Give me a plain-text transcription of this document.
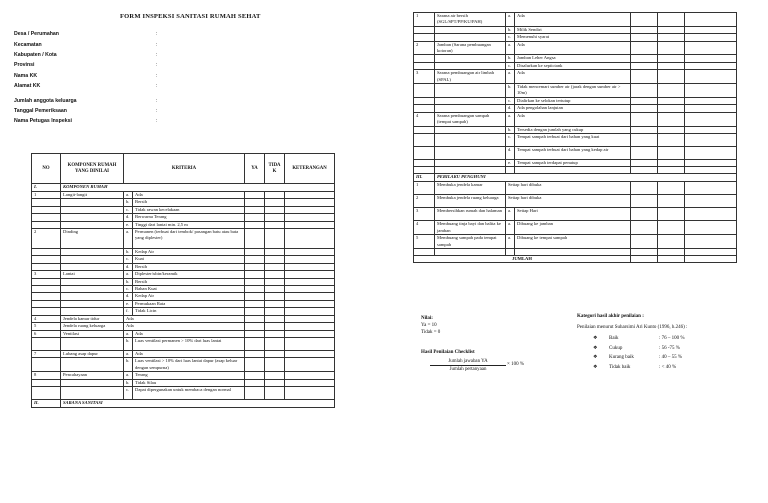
FORM INSPEKSI SANITASI RUMAH SEHAT
Desa / Perumahan	:
Kecamatan	:
Kabupaten / Kota	:
Provinsi	:
Nama KK	:
Alamat KK	:
Jumlah anggota keluarga	:
Tanggal Pemeriksaan	:
Nama Petugas Inspeksi	:
NO	KOMPONEN RUMAH YANG DINILAI	KRITERIA		YA	TIDA K	KETERANGAN
I.	KOMPONEN RUMAH					
1	Langit-langit	a.	Ada			
		b.	Bersih			
		c.	Tidak rawan kecelakaan			
		d.	Berwarna Terang			
		e.	Tinggi dari lantai min. 2,5 m			
2	Dinding	a.	Permanen (terbuat dari tembok/ pasangan batu atau bata yang diplester)			
		b.	Kedap Air			
		c.	Kuat			
		d.	Bersih			
3	Lantai	a.	Diplester/ubin/keramik			
		b.	Bersih			
		c.	Bahan Kuat			
		d.	Kedap Air			
		e.	Permukaan Rata			
		f.	Tidak Licin			
4	Jendela kamar tidur	Ada				
5	Jendela ruang keluarga	Ada				
6	Ventilasi	a.	Ada			
		b.	Luas ventilasi permanen > 10% dari luas lantai			
7	Lubang asap dapur	a.	Ada			
		b.	Luas ventilasi > 10% dari luas lantai dapur (asap keluar dengan sempurna)			
8	Pencahayaan	a.	Terang			
		b.	Tidak Silau			
		c.	Dapat dipergunakan untuk membaca dengan normal			
II.	SARANA SANITASI					
1	Sarana air bersih (SGL/SPT/PP/KU/PAH)	a.	Ada			
		b.	Milik Sendiri			
		c.	Memenuhi syarat			
2	Jamban (Sarana pembuangan kotoran)	a.	Ada			
		b.	Jamban Leher Angsa			
		c.	Disalurkan ke septictank			
3	Sarana pembuangan air limbah (SPAL)	a.	Ada			
		b.	Tidak mencemari sumber air (jarak dengan sumber air > 10m)			
		c.	Dialirkan ke selokan tertutup			
		d.	Ada pengolahan lanjutan			
4	Sarana pembuangan sampah (tempat sampah)	a.	Ada			
		b.	Tersedia dengan jumlah yang cukup			
		c.	Tempat sampah terbuat dari bahan yang kuat			
		d.	Tempat sampah terbuat dari bahan yang kedap air			
		e.	Tempat sampah terdapat penutup			

III.	PERILAKU PENGHUNI					
1	Membuka jendela kamar	Setiap hari dibuka				
2	Membuka jendela ruang keluarga	Setiap hari dibuka				
3	Membersihkan rumah dan halaman	a.	Setiap Hari			
4	Membuang tinja bayi dan balita ke jamban	a.	Dibuang ke jamban			
5	Membuang sampah pada tempat sampah	a.	Dibuang ke tempat sampah			

JUMLAH						
Nilai:
Ya = 10
Tidak = 0
Hasil Penilaian Checklist
Jumlah jawaban YA
Jumlah pertanyaan
× 100 %
Kategori hasil akhir penilaian :
Penilaian menurut Suharsimi Ari Kunto (1996, h.246) :
❖	Baik	: 76 – 100 %
❖	Cukup	: 56 -75 %
❖	Kurang baik	: 40 – 55 %
❖	Tidak baik	: < 40 %
